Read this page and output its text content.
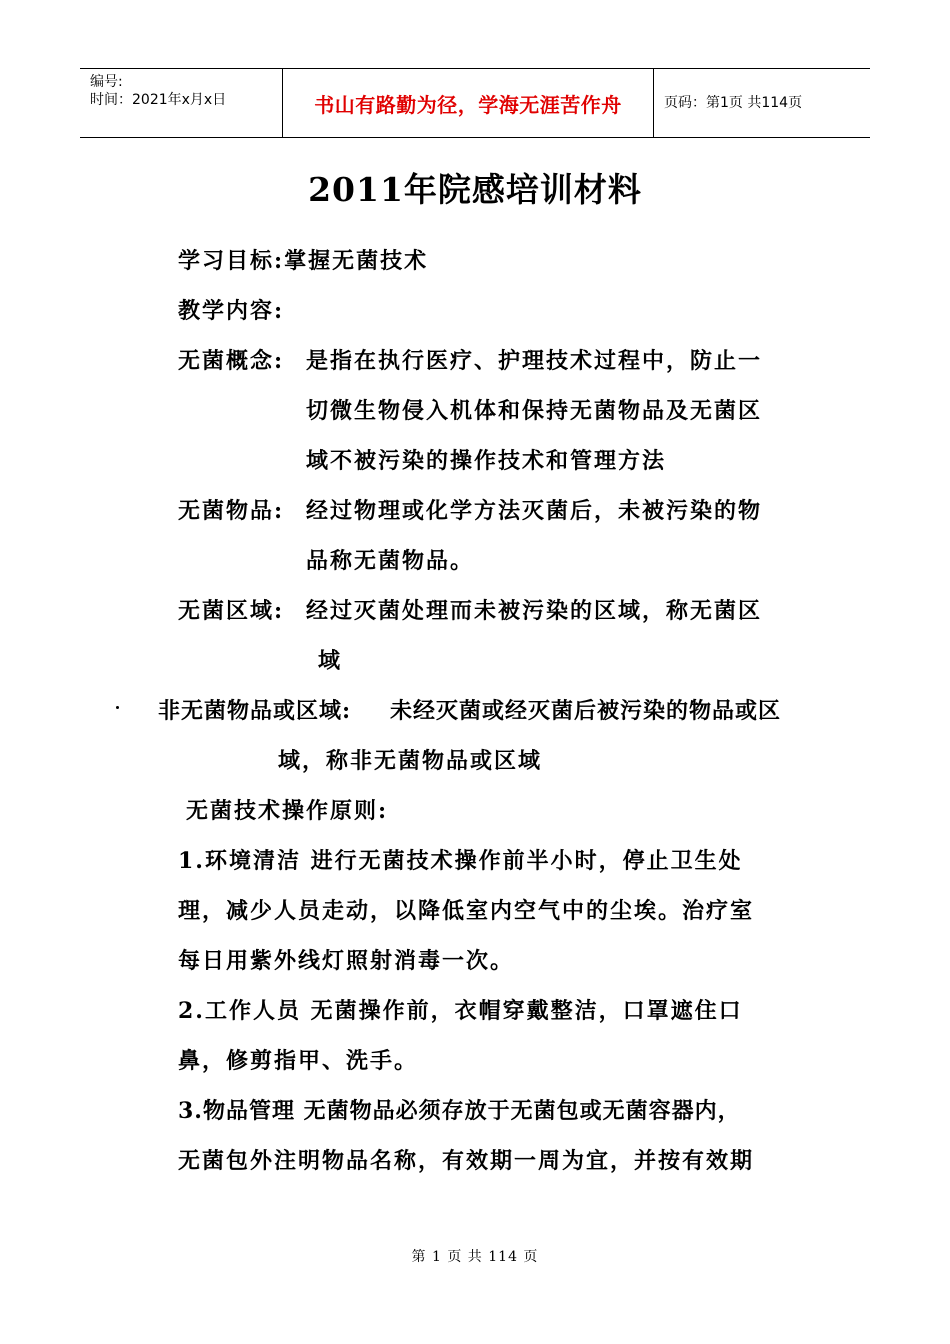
编号:
时间：2021年x月x日	书山有路勤为径，学海无涯苦作舟	页码：第1页 共114页
2011年院感培训材料
学习目标:掌握无菌技术
教学内容:
无菌概念: 是指在执行医疗、护理技术过程中，防止一
切微生物侵入机体和保持无菌物品及无菌区
域不被污染的操作技术和管理方法
无菌物品: 经过物理或化学方法灭菌后，未被污染的物
品称无菌物品。
无菌区域: 经过灭菌处理而未被污染的区域，称无菌区
域
非无菌物品或区域: 未经灭菌或经灭菌后被污染的物品或区
域，称非无菌物品或区域
无菌技术操作原则:
1.环境清洁 进行无菌技术操作前半小时，停止卫生处
理，减少人员走动，以降低室内空气中的尘埃。治疗室
每日用紫外线灯照射消毒一次。
2.工作人员 无菌操作前，衣帽穿戴整洁，口罩遮住口
鼻，修剪指甲、洗手。
3.物品管理 无菌物品必须存放于无菌包或无菌容器内，
无菌包外注明物品名称，有效期一周为宜，并按有效期
第 1 页 共 114 页
